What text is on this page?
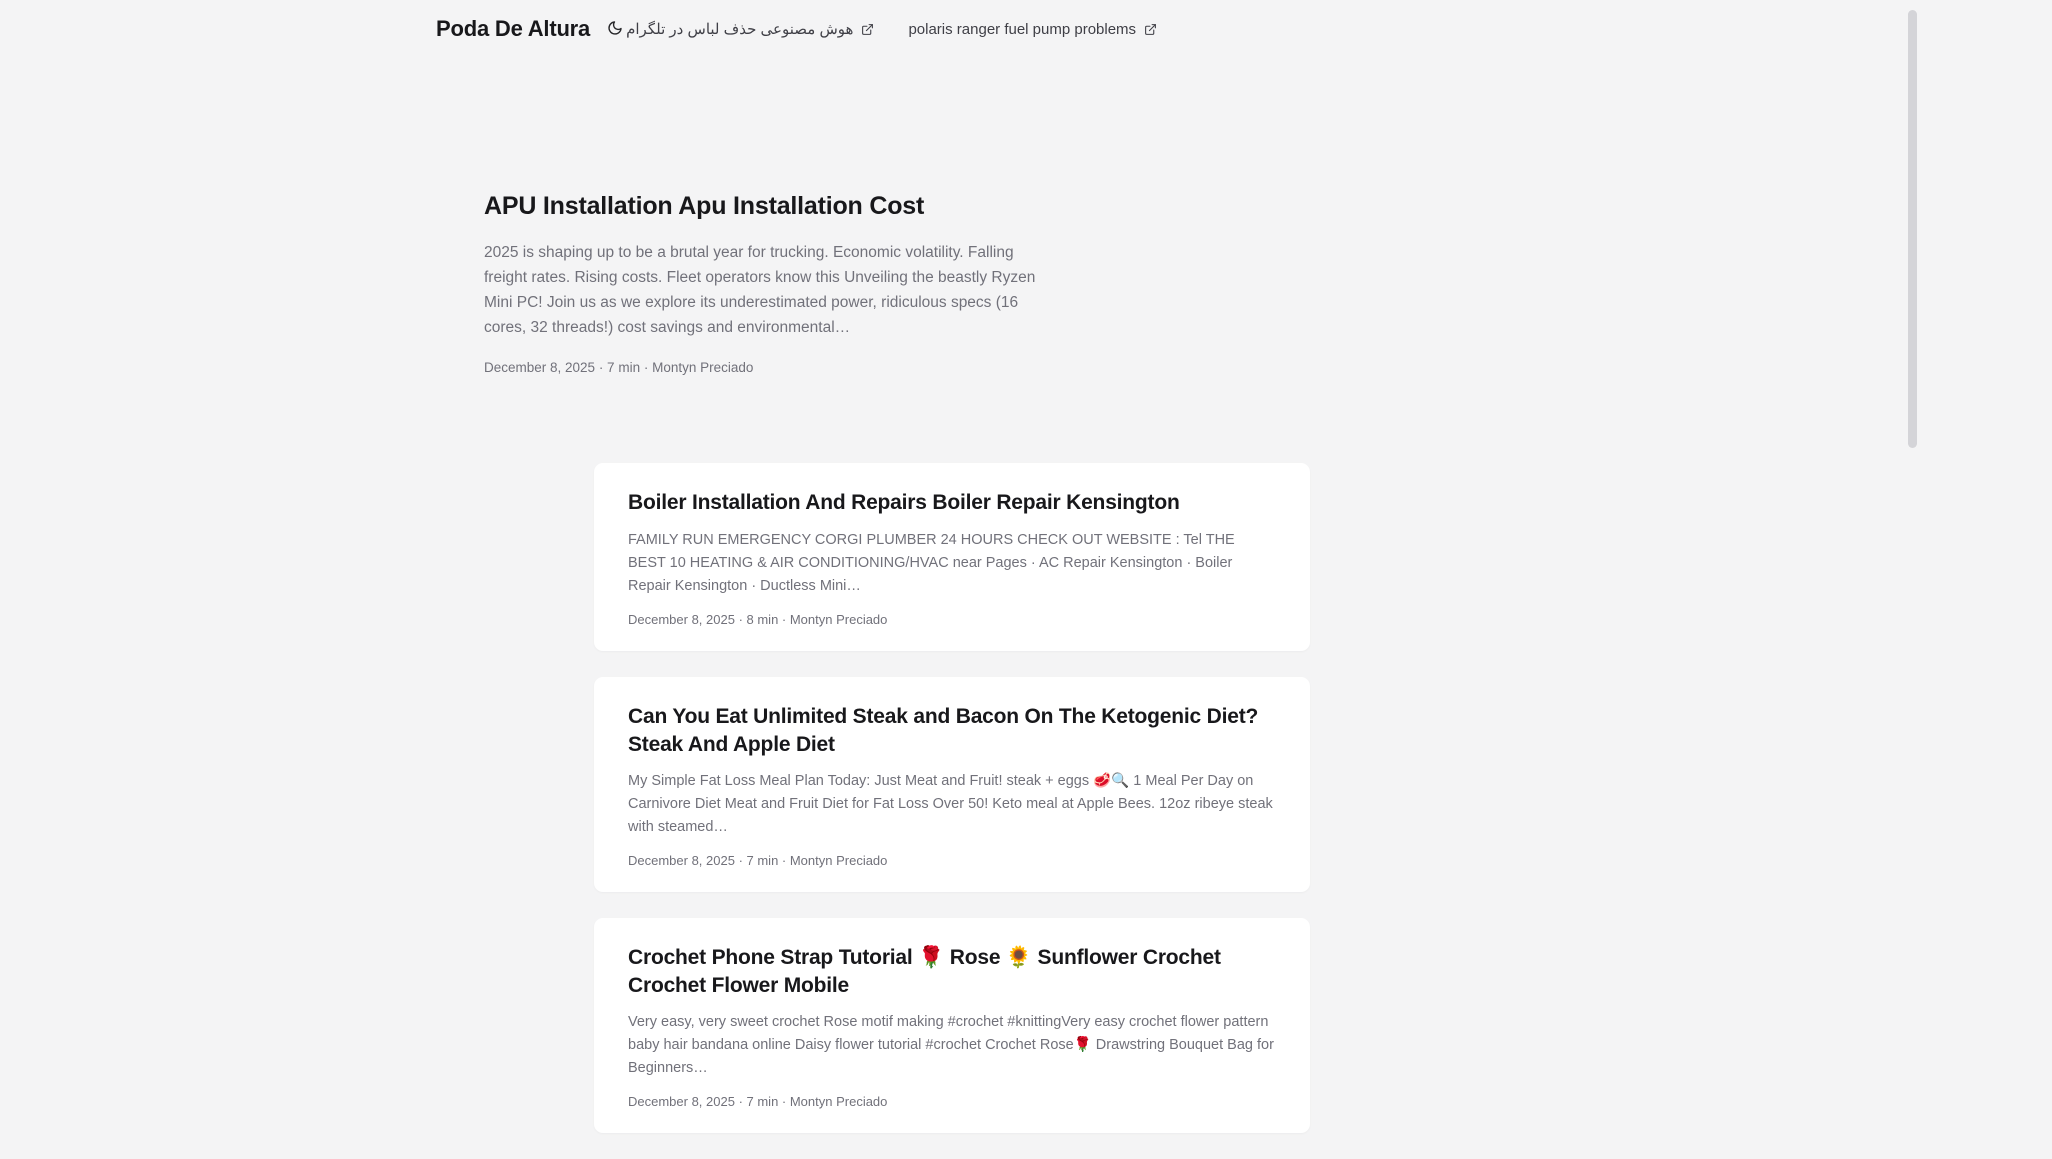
Poda De Altura هوش مصنوعی حذف لباس در تلگرام	polaris ranger fuel pump problems
APU Installation Apu Installation Cost

2025 is shaping up to be a brutal year for trucking. Economic volatility. Falling freight rates. Rising costs. Fleet operators know this Unveiling the beastly Ryzen Mini PC! Join us as we explore its underestimated power, ridiculous specs (16 cores, 32 threads!) cost savings and environmental…

December 8, 2025 · 7 min · Montyn Preciado
Boiler Installation And Repairs Boiler Repair Kensington

FAMILY RUN EMERGENCY CORGI PLUMBER 24 HOURS CHECK OUT WEBSITE : Tel THE BEST 10 HEATING & AIR CONDITIONING/HVAC near Pages · AC Repair Kensington · Boiler Repair Kensington · Ductless Mini…

December 8, 2025 · 8 min · Montyn Preciado
Can You Eat Unlimited Steak and Bacon On The Ketogenic Diet? Steak And Apple Diet

My Simple Fat Loss Meal Plan Today: Just Meat and Fruit! steak + eggs 🥩🔍 1 Meal Per Day on Carnivore Diet Meat and Fruit Diet for Fat Loss Over 50! Keto meal at Apple Bees. 12oz ribeye steak with steamed…

December 8, 2025 · 7 min · Montyn Preciado
Crochet Phone Strap Tutorial 🌹 Rose 🌻 Sunflower Crochet Crochet Flower Mobile

Very easy, very sweet crochet Rose motif making #crochet #knittingVery easy crochet flower pattern baby hair bandana online Daisy flower tutorial #crochet Crochet Rose🌹 Drawstring Bouquet Bag for Beginners…

December 8, 2025 · 7 min · Montyn Preciado
